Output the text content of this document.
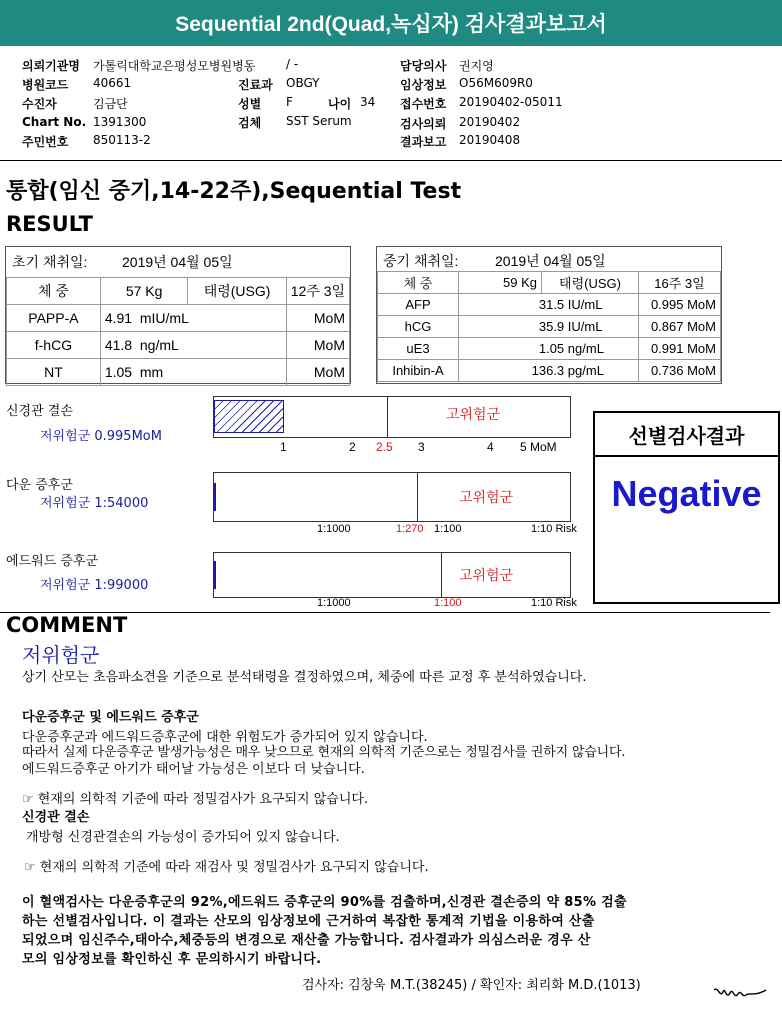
Sequential 2nd(Quad,녹십자) 검사결과보고서
의뢰기관명 가톨릭대학교은평성모병원병동	/ -	담당의사 권지영
병원코드 40661	진료과 OBGY	임상정보 O56M609R0
수진자	김금단	성별 F	나이 34 접수번호 20190402-05011
Chart No. 1391300	검체 SST Serum	검사의뢰 20190402
주민번호 850113-2	결과보고 20190408
통합(임신 중기,14-22주),Sequential Test
RESULT
초기 채취일: 2019년 04월 05일
체 중	57 Kg	태령(USG)	12주 3일
PAPP-A	4.91 mIU/mL		MoM
f-hCG	41.8 ng/mL		MoM
NT	1.05 mm		MoM
중기 채취일:	2019년 04월 05일
체 중	59 Kg	태령(USG)	16주 3일
AFP	31.5 IU/mL		0.995 MoM
hCG	35.9 IU/mL		0.867 MoM
uE3	1.05 ng/mL		0.991 MoM
Inhibin-A	136.3 pg/mL		0.736 MoM
신경관 결손
저위험군 0.995MoM
고위험군
1	2 2.5 3	4 5 MoM
다운 증후군
저위험군 1:54000	고위험군
1:1000	1:270 1:100	1:10 Risk
에드워드 증후군
저위험군 1:99000
고위험군
1:1000	1:100	1:10 Risk
선별검사결과
Negative
COMMENT
저위험군
상기 산모는 초음파소견을 기준으로 분석태령을 결정하였으며, 체중에 따른 교정 후 분석하였습니다.
다운증후군 및 에드워드 증후군
다운증후군과 에드워드증후군에 대한 위험도가 증가되어 있지 않습니다.
따라서 실제 다운증후군 발생가능성은 매우 낮으므로 현재의 의학적 기준으로는 정밀검사를 권하지 않습니다.
에드워드증후군 아기가 태어날 가능성은 이보다 더 낮습니다.
☞ 현재의 의학적 기준에 따라 정밀검사가 요구되지 않습니다.
신경관 결손
개방형 신경관결손의 가능성이 증가되어 있지 않습니다.
☞ 현재의 의학적 기준에 따라 재검사 및 정밀검사가 요구되지 않습니다.
이 혈액검사는 다운증후군의 92%,에드워드 증후군의 90%를 검출하며,신경관 결손증의 약 85% 검출
하는 선별검사입니다. 이 결과는 산모의 임상정보에 근거하여 복잡한 통계적 기법을 이용하여 산출
되었으며 임신주수,태아수,체중등의 변경으로 재산출 가능합니다. 검사결과가 의심스러운 경우 산
모의 임상정보를 확인하신 후 문의하시기 바랍니다.
검사자: 김창욱 M.T.(38245) / 확인자: 최리화 M.D.(1013)
